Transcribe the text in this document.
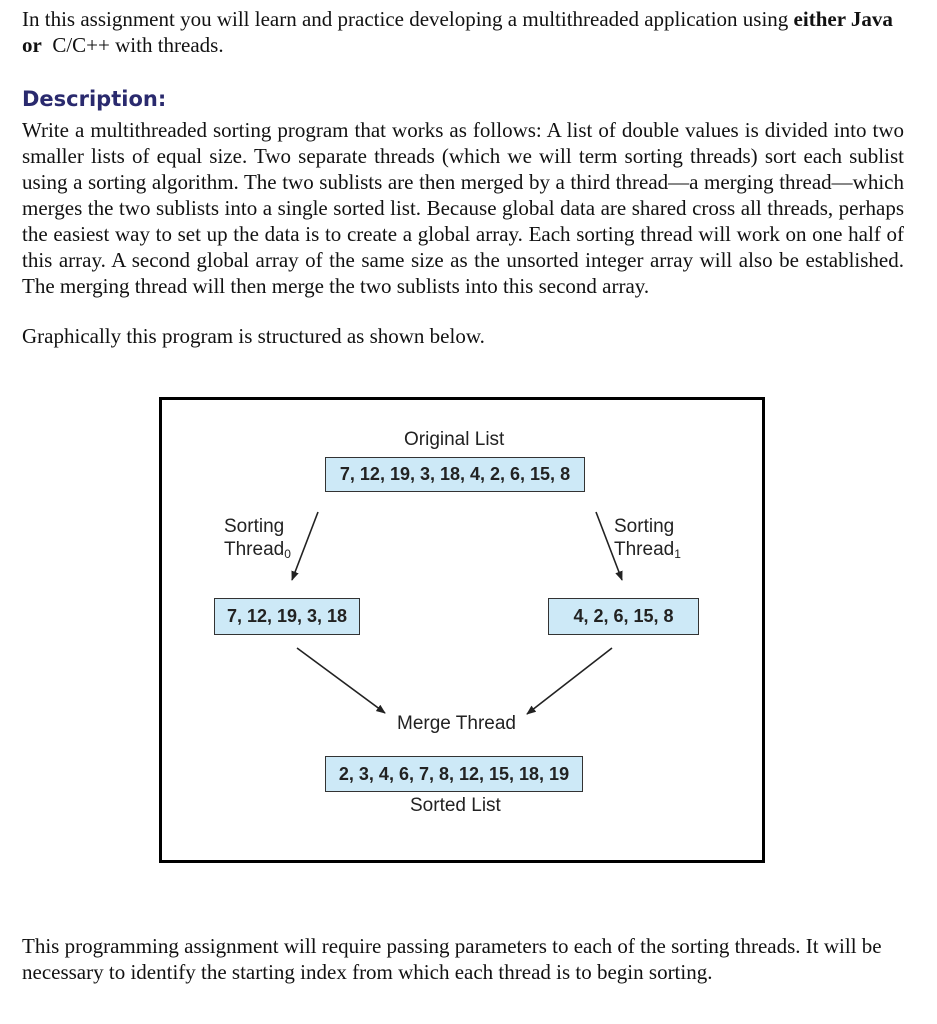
In this assignment you will learn and practice developing a multithreaded application using either Java or  C/C++ with threads.

Description:

Write a multithreaded sorting program that works as follows: A list of double values is divided into two smaller lists of equal size. Two separate threads (which we will term sorting threads) sort each sublist using a sorting algorithm. The two sublists are then merged by a third thread—a merging thread—which merges the two sublists into a single sorted list. Because global data are shared cross all threads, perhaps the easiest way to set up the data is to create a global array. Each sorting thread will work on one half of this array. A second global array of the same size as the unsorted integer array will also be established. The merging thread will then merge the two sublists into this second array.

Graphically this program is structured as shown below.

Original List
7, 12, 19, 3, 18, 4, 2, 6, 15, 8
Sorting
Thread$_0$
Sorting
Thread$_1$
7, 12, 19, 3, 18	4, 2, 6, 15, 8
Merge Thread
2, 3, 4, 6, 7, 8, 12, 15, 18, 19
Sorted List

This programming assignment will require passing parameters to each of the sorting threads. It will be necessary to identify the starting index from which each thread is to begin sorting.
